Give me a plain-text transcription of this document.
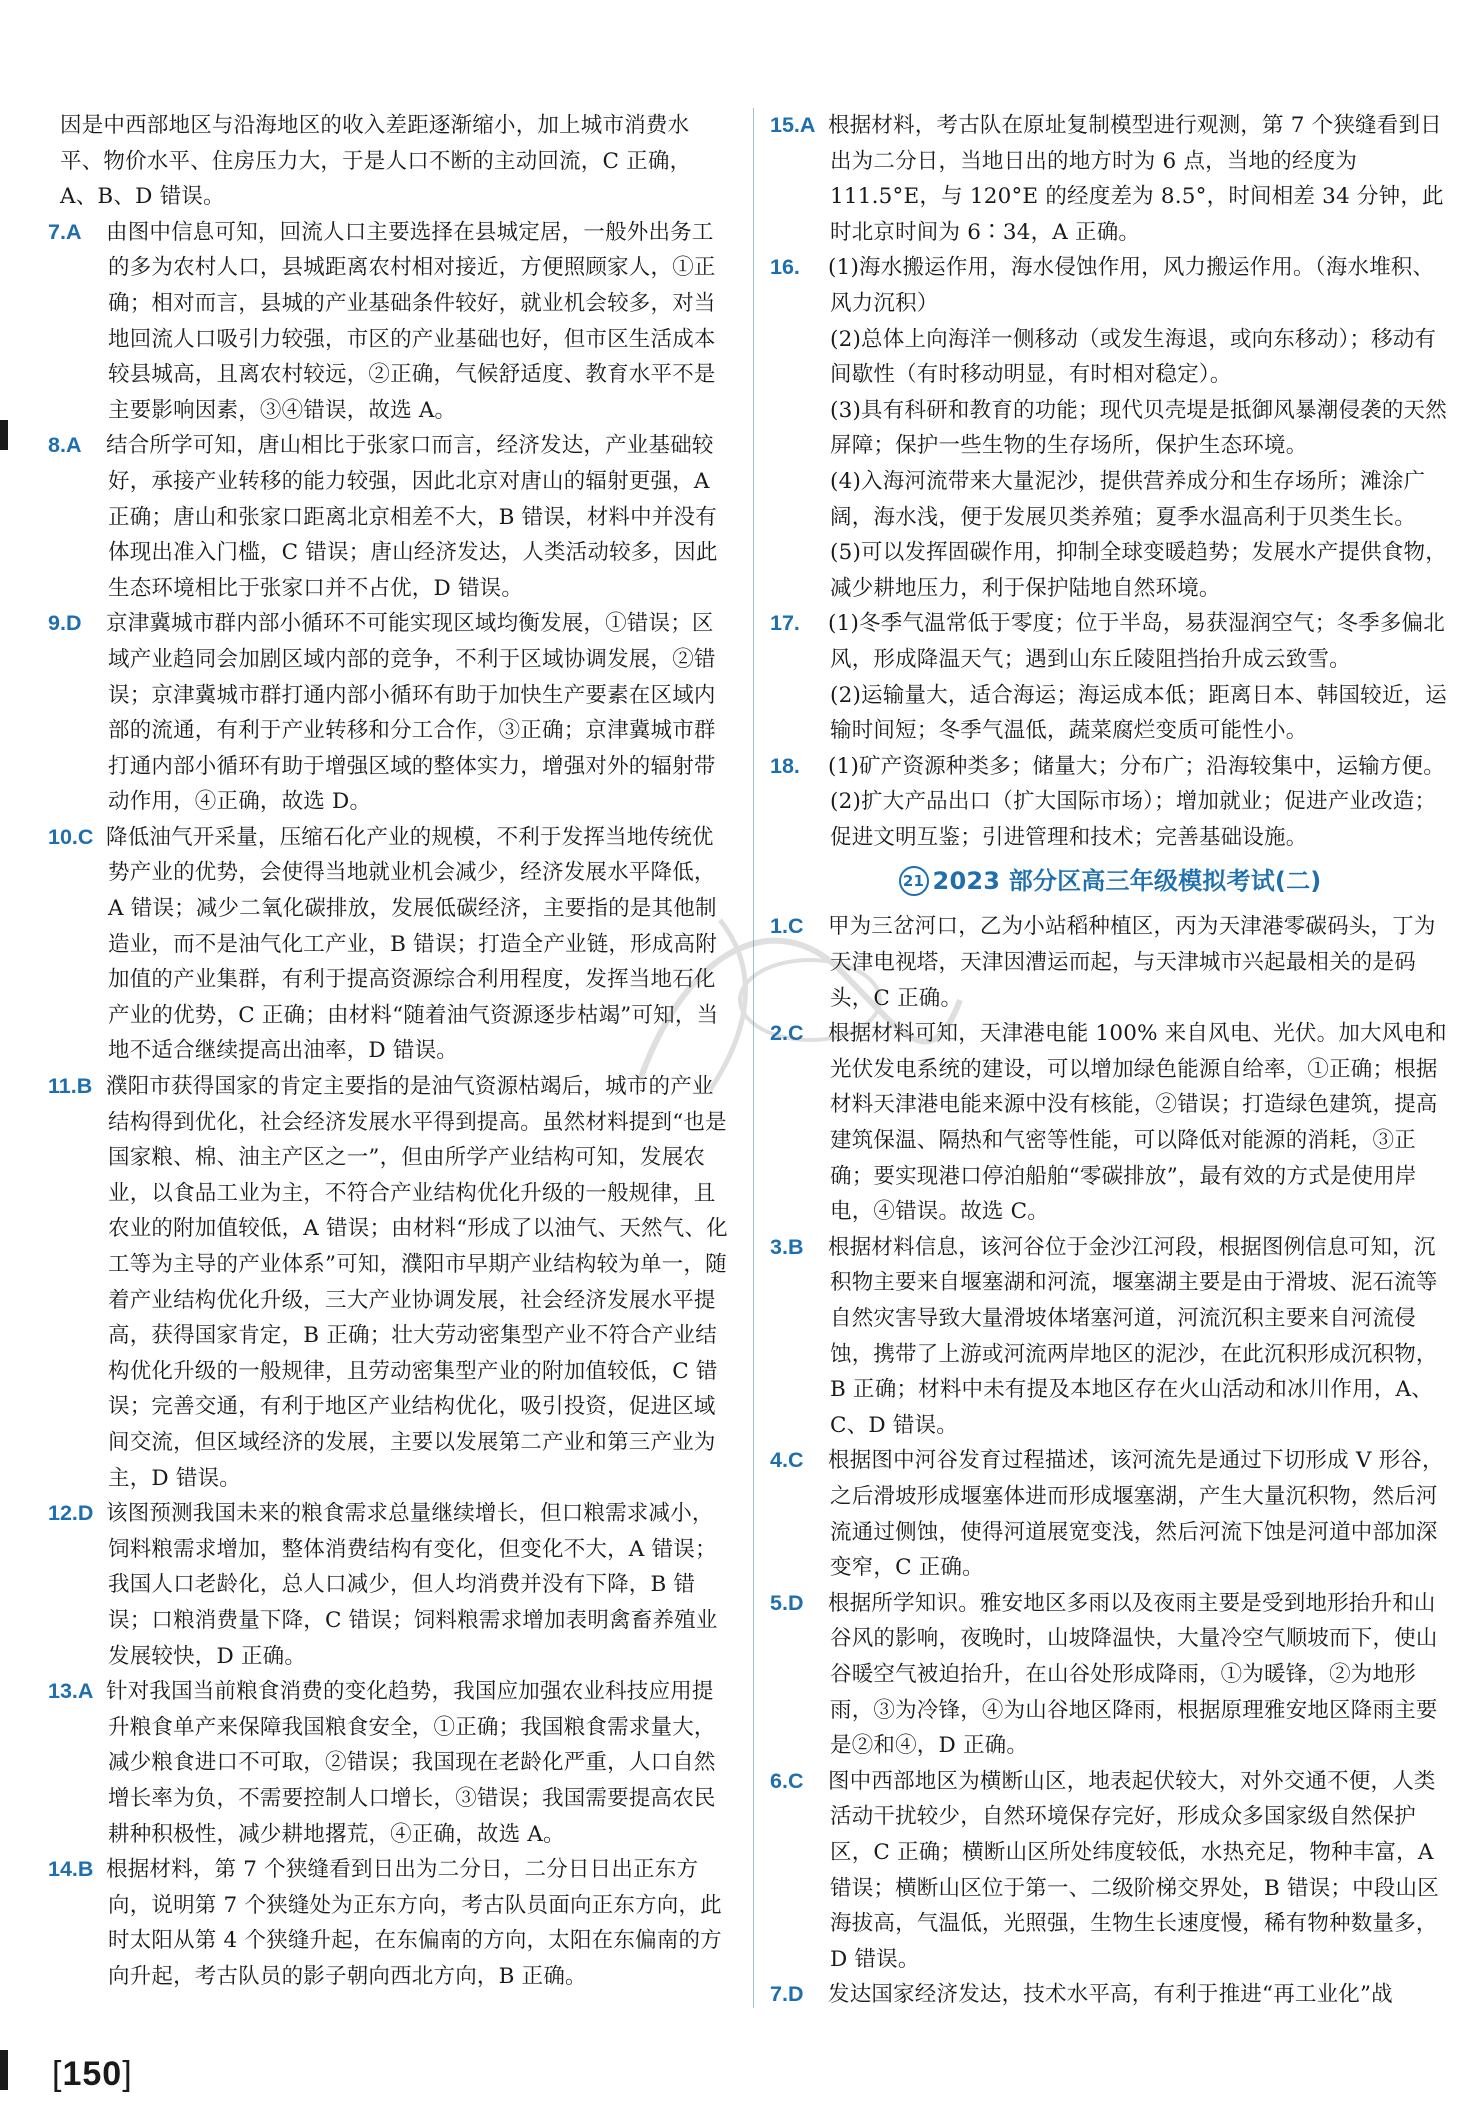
因是中西部地区与沿海地区的收入差距逐渐缩小，加上城市消费水平、物价水平、住房压力大，于是人口不断的主动回流，C 正确，A、B、D 错误。

7.A 由图中信息可知，回流人口主要选择在县城定居，一般外出务工的多为农村人口，县城距离农村相对接近，方便照顾家人，①正确；相对而言，县城的产业基础条件较好，就业机会较多，对当地回流人口吸引力较强，市区的产业基础也好，但市区生活成本较县城高，且离农村较远，②正确，气候舒适度、教育水平不是主要影响因素，③④错误，故选 A。
8.A 结合所学可知，唐山相比于张家口而言，经济发达，产业基础较好，承接产业转移的能力较强，因此北京对唐山的辐射更强，A 正确；唐山和张家口距离北京相差不大，B 错误，材料中并没有体现出准入门槛，C 错误；唐山经济发达，人类活动较多，因此生态环境相比于张家口并不占优，D 错误。
9.D 京津冀城市群内部小循环不可能实现区域均衡发展，①错误；区域产业趋同会加剧区域内部的竞争，不利于区域协调发展，②错误；京津冀城市群打通内部小循环有助于加快生产要素在区域内部的流通，有利于产业转移和分工合作，③正确；京津冀城市群打通内部小循环有助于增强区域的整体实力，增强对外的辐射带动作用，④正确，故选 D。
10.C 降低油气开采量，压缩石化产业的规模，不利于发挥当地传统优势产业的优势，会使得当地就业机会减少，经济发展水平降低，A 错误；减少二氧化碳排放，发展低碳经济，主要指的是其他制造业，而不是油气化工产业，B 错误；打造全产业链，形成高附加值的产业集群，有利于提高资源综合利用程度，发挥当地石化产业的优势，C 正确；由材料“随着油气资源逐步枯竭”可知，当地不适合继续提高出油率，D 错误。
11.B 濮阳市获得国家的肯定主要指的是油气资源枯竭后，城市的产业结构得到优化，社会经济发展水平得到提高。虽然材料提到“也是国家粮、棉、油主产区之一”，但由所学产业结构可知，发展农业，以食品工业为主，不符合产业结构优化升级的一般规律，且农业的附加值较低，A 错误；由材料“形成了以油气、天然气、化工等为主导的产业体系”可知，濮阳市早期产业结构较为单一，随着产业结构优化升级，三大产业协调发展，社会经济发展水平提高，获得国家肯定，B 正确；壮大劳动密集型产业不符合产业结构优化升级的一般规律，且劳动密集型产业的附加值较低，C 错误；完善交通，有利于地区产业结构优化，吸引投资，促进区域间交流，但区域经济的发展，主要以发展第二产业和第三产业为主，D 错误。
12.D 该图预测我国未来的粮食需求总量继续增长，但口粮需求减小，饲料粮需求增加，整体消费结构有变化，但变化不大，A 错误；我国人口老龄化，总人口减少，但人均消费并没有下降，B 错误；口粮消费量下降，C 错误；饲料粮需求增加表明禽畜养殖业发展较快，D 正确。
13.A 针对我国当前粮食消费的变化趋势，我国应加强农业科技应用提升粮食单产来保障我国粮食安全，①正确；我国粮食需求量大，减少粮食进口不可取，②错误；我国现在老龄化严重，人口自然增长率为负，不需要控制人口增长，③错误；我国需要提高农民耕种积极性，减少耕地撂荒，④正确，故选 A。
14.B 根据材料，第 7 个狭缝看到日出为二分日，二分日日出正东方向，说明第 7 个狭缝处为正东方向，考古队员面向正东方向，此时太阳从第 4 个狭缝升起，在东偏南的方向，太阳在东偏南的方向升起，考古队员的影子朝向西北方向，B 正确。
15.A 根据材料，考古队在原址复制模型进行观测，第 7 个狭缝看到日出为二分日，当地日出的地方时为 6 点，当地的经度为 111.5°E，与 120°E 的经度差为 8.5°，时间相差 34 分钟，此时北京时间为 6∶34，A 正确。
16. (1)海水搬运作用，海水侵蚀作用，风力搬运作用。（海水堆积、风力沉积）
(2)总体上向海洋一侧移动（或发生海退，或向东移动）；移动有间歇性（有时移动明显，有时相对稳定）。
(3)具有科研和教育的功能；现代贝壳堤是抵御风暴潮侵袭的天然屏障；保护一些生物的生存场所，保护生态环境。
(4)入海河流带来大量泥沙，提供营养成分和生存场所；滩涂广阔，海水浅，便于发展贝类养殖；夏季水温高利于贝类生长。
(5)可以发挥固碳作用，抑制全球变暖趋势；发展水产提供食物，减少耕地压力，利于保护陆地自然环境。
17. (1)冬季气温常低于零度；位于半岛，易获湿润空气；冬季多偏北风，形成降温天气；遇到山东丘陵阻挡抬升成云致雪。
(2)运输量大，适合海运；海运成本低；距离日本、韩国较近，运输时间短；冬季气温低，蔬菜腐烂变质可能性小。
18. (1)矿产资源种类多；储量大；分布广；沿海较集中，运输方便。
(2)扩大产品出口（扩大国际市场）；增加就业；促进产业改造；促进文明互鉴；引进管理和技术；完善基础设施。
21 2023 部分区高三年级模拟考试(二)
1.C 甲为三岔河口，乙为小站稻种植区，丙为天津港零碳码头，丁为天津电视塔，天津因漕运而起，与天津城市兴起最相关的是码头，C 正确。
2.C 根据材料可知，天津港电能 100% 来自风电、光伏。加大风电和光伏发电系统的建设，可以增加绿色能源自给率，①正确；根据材料天津港电能来源中没有核能，②错误；打造绿色建筑，提高建筑保温、隔热和气密等性能，可以降低对能源的消耗，③正确；要实现港口停泊船舶“零碳排放”，最有效的方式是使用岸电，④错误。故选 C。
3.B 根据材料信息，该河谷位于金沙江河段，根据图例信息可知，沉积物主要来自堰塞湖和河流，堰塞湖主要是由于滑坡、泥石流等自然灾害导致大量滑坡体堵塞河道，河流沉积主要来自河流侵蚀，携带了上游或河流两岸地区的泥沙，在此沉积形成沉积物，B 正确；材料中未有提及本地区存在火山活动和冰川作用，A、C、D 错误。
4.C 根据图中河谷发育过程描述，该河流先是通过下切形成 V 形谷，之后滑坡形成堰塞体进而形成堰塞湖，产生大量沉积物，然后河流通过侧蚀，使得河道展宽变浅，然后河流下蚀是河道中部加深变窄，C 正确。
5.D 根据所学知识。雅安地区多雨以及夜雨主要是受到地形抬升和山谷风的影响，夜晚时，山坡降温快，大量冷空气顺坡而下，使山谷暖空气被迫抬升，在山谷处形成降雨，①为暖锋，②为地形雨，③为冷锋，④为山谷地区降雨，根据原理雅安地区降雨主要是②和④，D 正确。
6.C 图中西部地区为横断山区，地表起伏较大，对外交通不便，人类活动干扰较少，自然环境保存完好，形成众多国家级自然保护区，C 正确；横断山区所处纬度较低，水热充足，物种丰富，A 错误；横断山区位于第一、二级阶梯交界处，B 错误；中段山区海拔高，气温低，光照强，生物生长速度慢，稀有物种数量多，D 错误。
7.D 发达国家经济发达，技术水平高，有利于推进“再工业化”战
[150]
